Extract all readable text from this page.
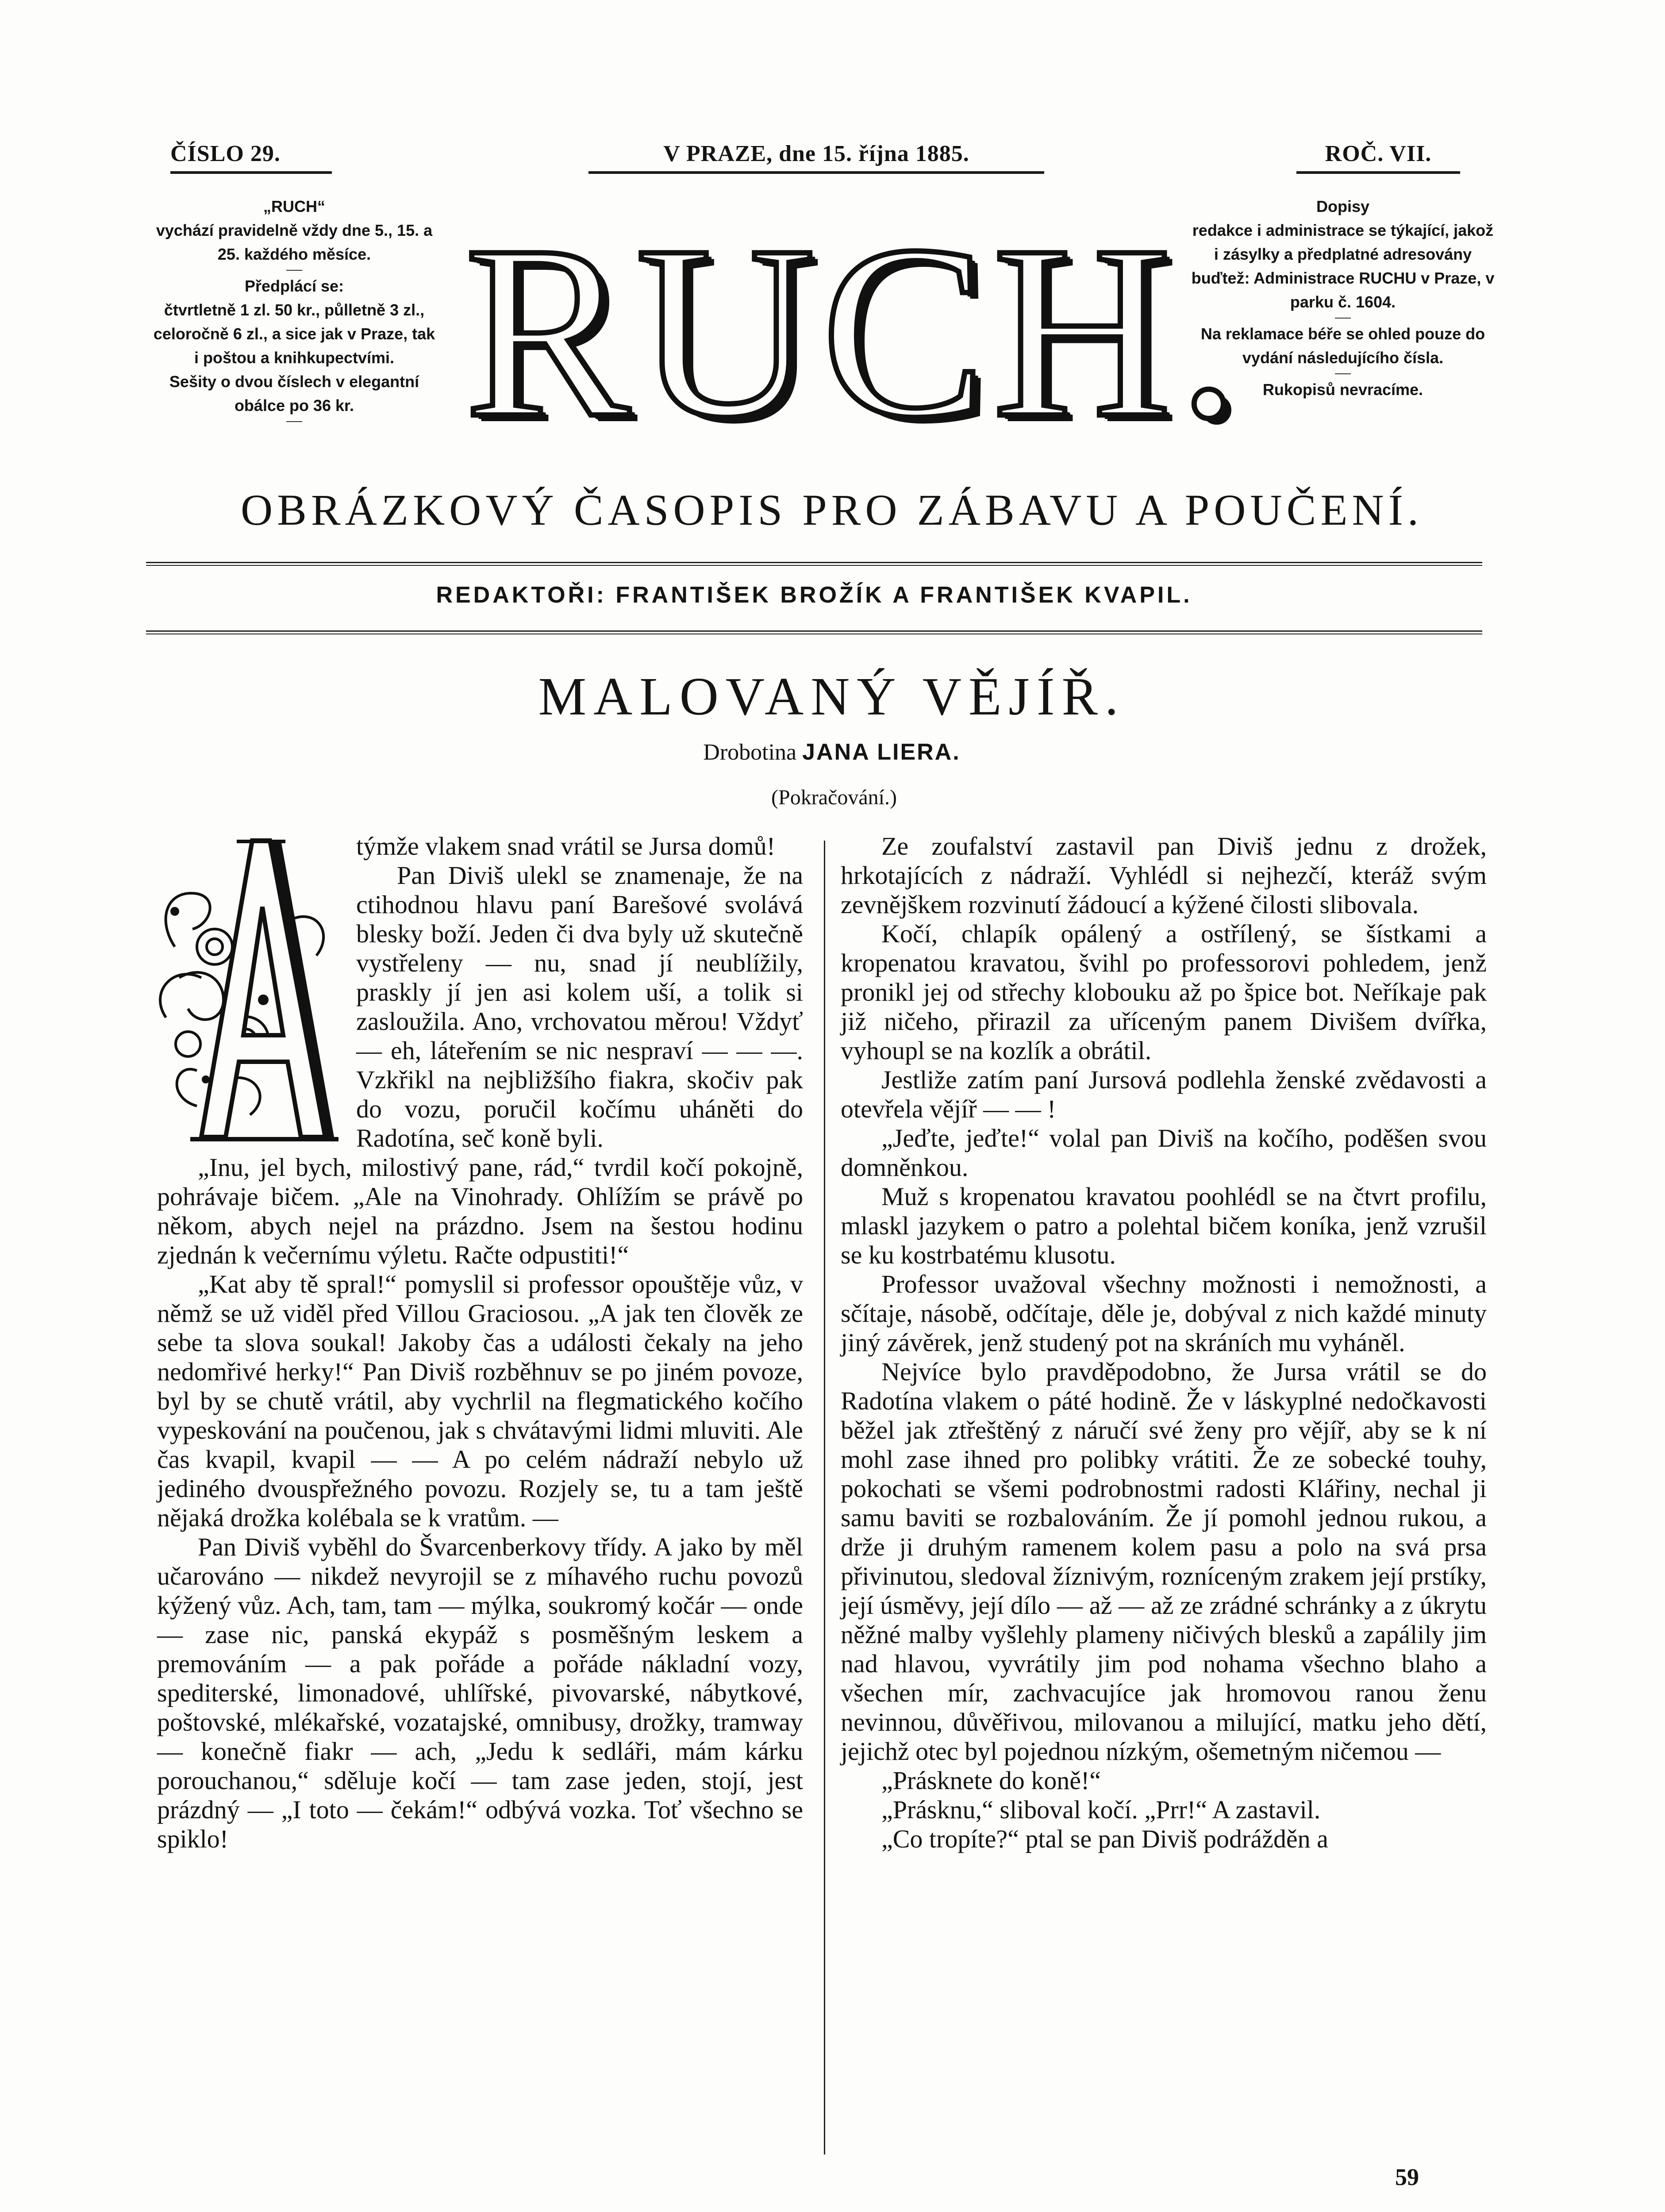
ČÍSLO 29.	V PRAZE, dne 15. října 1885.	ROČ. VII.

„RUCH“

vychází pravidelně vždy dne 5., 15. a 25. každého měsíce.

Předplácí se:

čtvrtletně 1 zl. 50 kr., půlletně 3 zl., celoročně 6 zl., a sice jak v Praze, tak i poštou a knihkupectvími.

Sešity o dvou číslech v elegantní obálce po 36 kr. RUCH.	Dopisy

redakce i administrace se týkající, jakož i zásylky a předplatné adresovány buďtež: Administrace RUCHU v Praze, v parku č. 1604.

Na reklamace béře se ohled pouze do vydání následujícího čísla.

Rukopisů nevracíme.

OBRÁZKOVÝ ČASOPIS PRO ZÁBAVU A POUČENÍ.
REDAKTOŘI: FRANTIŠEK BROŽÍK A FRANTIŠEK KVAPIL.
MALOVANÝ VĚJÍŘ.
Drobotina JANA LIERA.
(Pokračování.)
A	týmže vlakem snad vrátil se Jursa domů!

Pan Diviš ulekl se znamenaje, že na ctihodnou hlavu paní Barešové svolává blesky boží. Jeden či dva byly už skutečně vystřeleny — nu, snad jí neublížily, praskly jí jen asi kolem uší, a tolik si zasloužila. Ano, vrchovatou měrou! Vždyť — eh, láteřením se nic nespraví — — —. Vzkřikl na nejbližšího fiakra, skočiv pak do vozu, poručil kočímu uháněti do Radotína, seč koně byli.

„Inu, jel bych, milostivý pane, rád,“ tvrdil kočí pokojně, pohrávaje bičem. „Ale na Vinohrady. Ohlížím se právě po někom, abych nejel na prázdno. Jsem na šestou hodinu zjednán k večernímu výletu. Račte odpustiti!“

„Kat aby tě spral!“ pomyslil si professor opouštěje vůz, v němž se už viděl před Villou Graciosou. „A jak ten člověk ze sebe ta slova soukal! Jakoby čas a události čekaly na jeho nedomřivé herky!“ Pan Diviš rozběhnuv se po jiném povoze, byl by se chutě vrátil, aby vychrlil na flegmatického kočího vypeskování na poučenou, jak s chvátavými lidmi mluviti. Ale čas kvapil, kvapil — — A po celém nádraží nebylo už jediného dvouspřežného povozu. Rozjely se, tu a tam ještě nějaká drožka kolébala se k vratům. —

Pan Diviš vyběhl do Švarcenberkovy třídy. A jako by měl učarováno — nikdež nevyrojil se z míhavého ruchu povozů kýžený vůz. Ach, tam, tam — mýlka, soukromý kočár — onde — zase nic, panská ekypáž s posměšným leskem a premováním — a pak pořáde a pořáde nákladní vozy, spediterské, limonadové, uhlířské, pivovarské, nábytkové, poštovské, mlékařské, vozatajské, omnibusy, drožky, tramway — konečně fiakr — ach, „Jedu k sedláři, mám kárku porouchanou,“ sděluje kočí — tam zase jeden, stojí, jest prázdný — „I toto — čekám!“ odbývá vozka. Toť všechno se spiklo!

Ze zoufalství zastavil pan Diviš jednu z drožek, hrkotajících z nádraží. Vyhlédl si nejhezčí, kteráž svým zevnějškem rozvinutí žádoucí a kýžené čilosti slibovala.

Kočí, chlapík opálený a ostřílený, se šístkami a kropenatou kravatou, švihl po professorovi pohledem, jenž pronikl jej od střechy klobouku až po špice bot. Neříkaje pak již ničeho, přirazil za uříceným panem Divišem dvířka, vyhoupl se na kozlík a obrátil.

Jestliže zatím paní Jursová podlehla ženské zvědavosti a otevřela vějíř — — !

„Jeďte, jeďte!“ volal pan Diviš na kočího, poděšen svou domněnkou.

Muž s kropenatou kravatou poohlédl se na čtvrt profilu, mlaskl jazykem o patro a polehtal bičem koníka, jenž vzrušil se ku kostrbatému klusotu.

Professor uvažoval všechny možnosti i nemožnosti, a sčítaje, násobě, odčítaje, děle je, dobýval z nich každé minuty jiný závěrek, jenž studený pot na skráních mu vyháněl.

Nejvíce bylo pravděpodobno, že Jursa vrátil se do Radotína vlakem o páté hodině. Že v láskyplné nedočkavosti běžel jak ztřeštěný z náručí své ženy pro vějíř, aby se k ní mohl zase ihned pro polibky vrátiti. Že ze sobecké touhy, pokochati se všemi podrobnostmi radosti Klářiny, nechal ji samu baviti se rozbalováním. Že jí pomohl jednou rukou, a drže ji druhým ramenem kolem pasu a polo na svá prsa přivinutou, sledoval žíznivým, rozníceným zrakem její prstíky, její úsměvy, její dílo — až — až ze zrádné schránky a z úkrytu něžné malby vyšlehly plameny ničivých blesků a zapálily jim nad hlavou, vyvrátily jim pod nohama všechno blaho a všechen mír, zachvacujíce jak hromovou ranou ženu nevinnou, důvěřivou, milovanou a milující, matku jeho dětí, jejichž otec byl pojednou nízkým, ošemetným ničemou —

„Prásknete do koně!“

„Prásknu,“ sliboval kočí. „Prr!“ A zastavil.

„Co tropíte?“ ptal se pan Diviš podrážděn a

59
